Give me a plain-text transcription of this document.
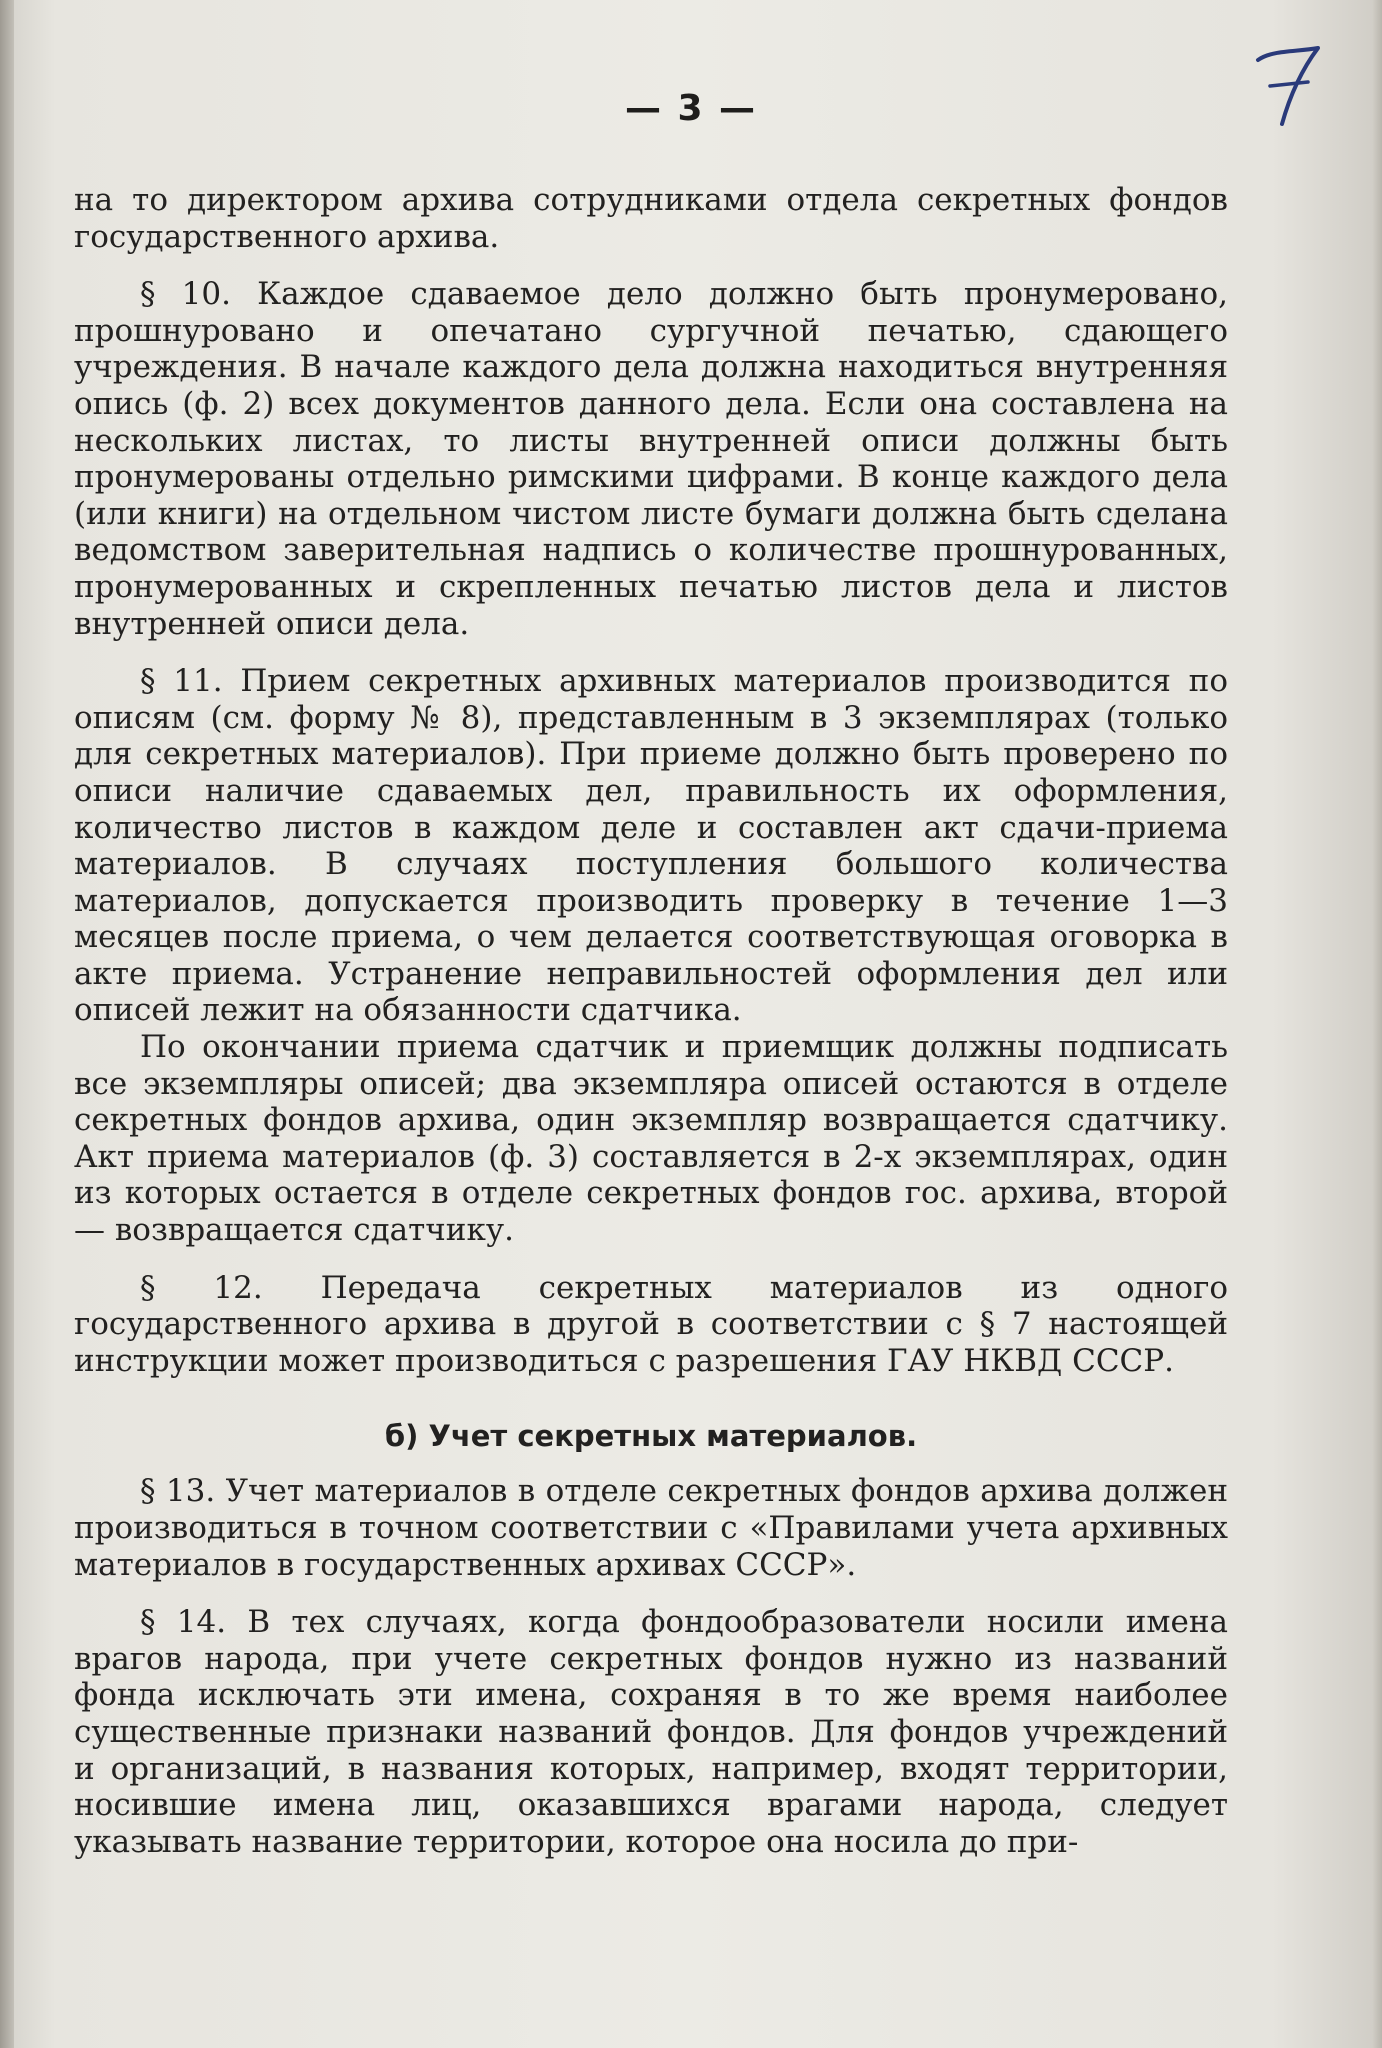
— 3 —

на то директором архива сотрудниками отдела секретных фондов государственного архива.

§ 10. Каждое сдаваемое дело должно быть пронумеровано, прошнуровано и опечатано сургучной печатью, сдающего учреждения. В начале каждого дела должна находиться внутренняя опись (ф. 2) всех документов данного дела. Если она составлена на нескольких листах, то листы внутренней описи должны быть пронумерованы отдельно римскими цифрами. В конце каждого дела (или книги) на отдельном чистом листе бумаги должна быть сделана ведомством заверительная надпись о количестве прошнурованных, пронумерованных и скрепленных печатью листов дела и листов внутренней описи дела.

§ 11. Прием секретных архивных материалов производится по описям (см. форму № 8), представленным в 3 экземплярах (только для секретных материалов). При приеме должно быть проверено по описи наличие сдаваемых дел, правильность их оформления, количество листов в каждом деле и составлен акт сдачи-приема материалов. В случаях поступления большого количества материалов, допускается производить проверку в течение 1—3 месяцев после приема, о чем делается соответствующая оговорка в акте приема. Устранение неправильностей оформления дел или описей лежит на обязанности сдатчика.

По окончании приема сдатчик и приемщик должны подписать все экземпляры описей; два экземпляра описей остаются в отделе секретных фондов архива, один экземпляр возвращается сдатчику. Акт приема материалов (ф. 3) составляется в 2-х экземплярах, один из которых остается в отделе секретных фондов гос. архива, второй — возвращается сдатчику.

§ 12. Передача секретных материалов из одного государственного архива в другой в соответствии с § 7 настоящей инструкции может производиться с разрешения ГАУ НКВД СССР.

б) Учет секретных материалов.

§ 13. Учет материалов в отделе секретных фондов архива должен производиться в точном соответствии с «Правилами учета архивных материалов в государственных архивах СССР».

§ 14. В тех случаях, когда фондообразователи носили имена врагов народа, при учете секретных фондов нужно из названий фонда исключать эти имена, сохраняя в то же время наиболее существенные признаки названий фондов. Для фондов учреждений и организаций, в названия которых, например, входят территории, носившие имена лиц, оказавшихся врагами народа, следует указывать название территории, которое она носила до при-
